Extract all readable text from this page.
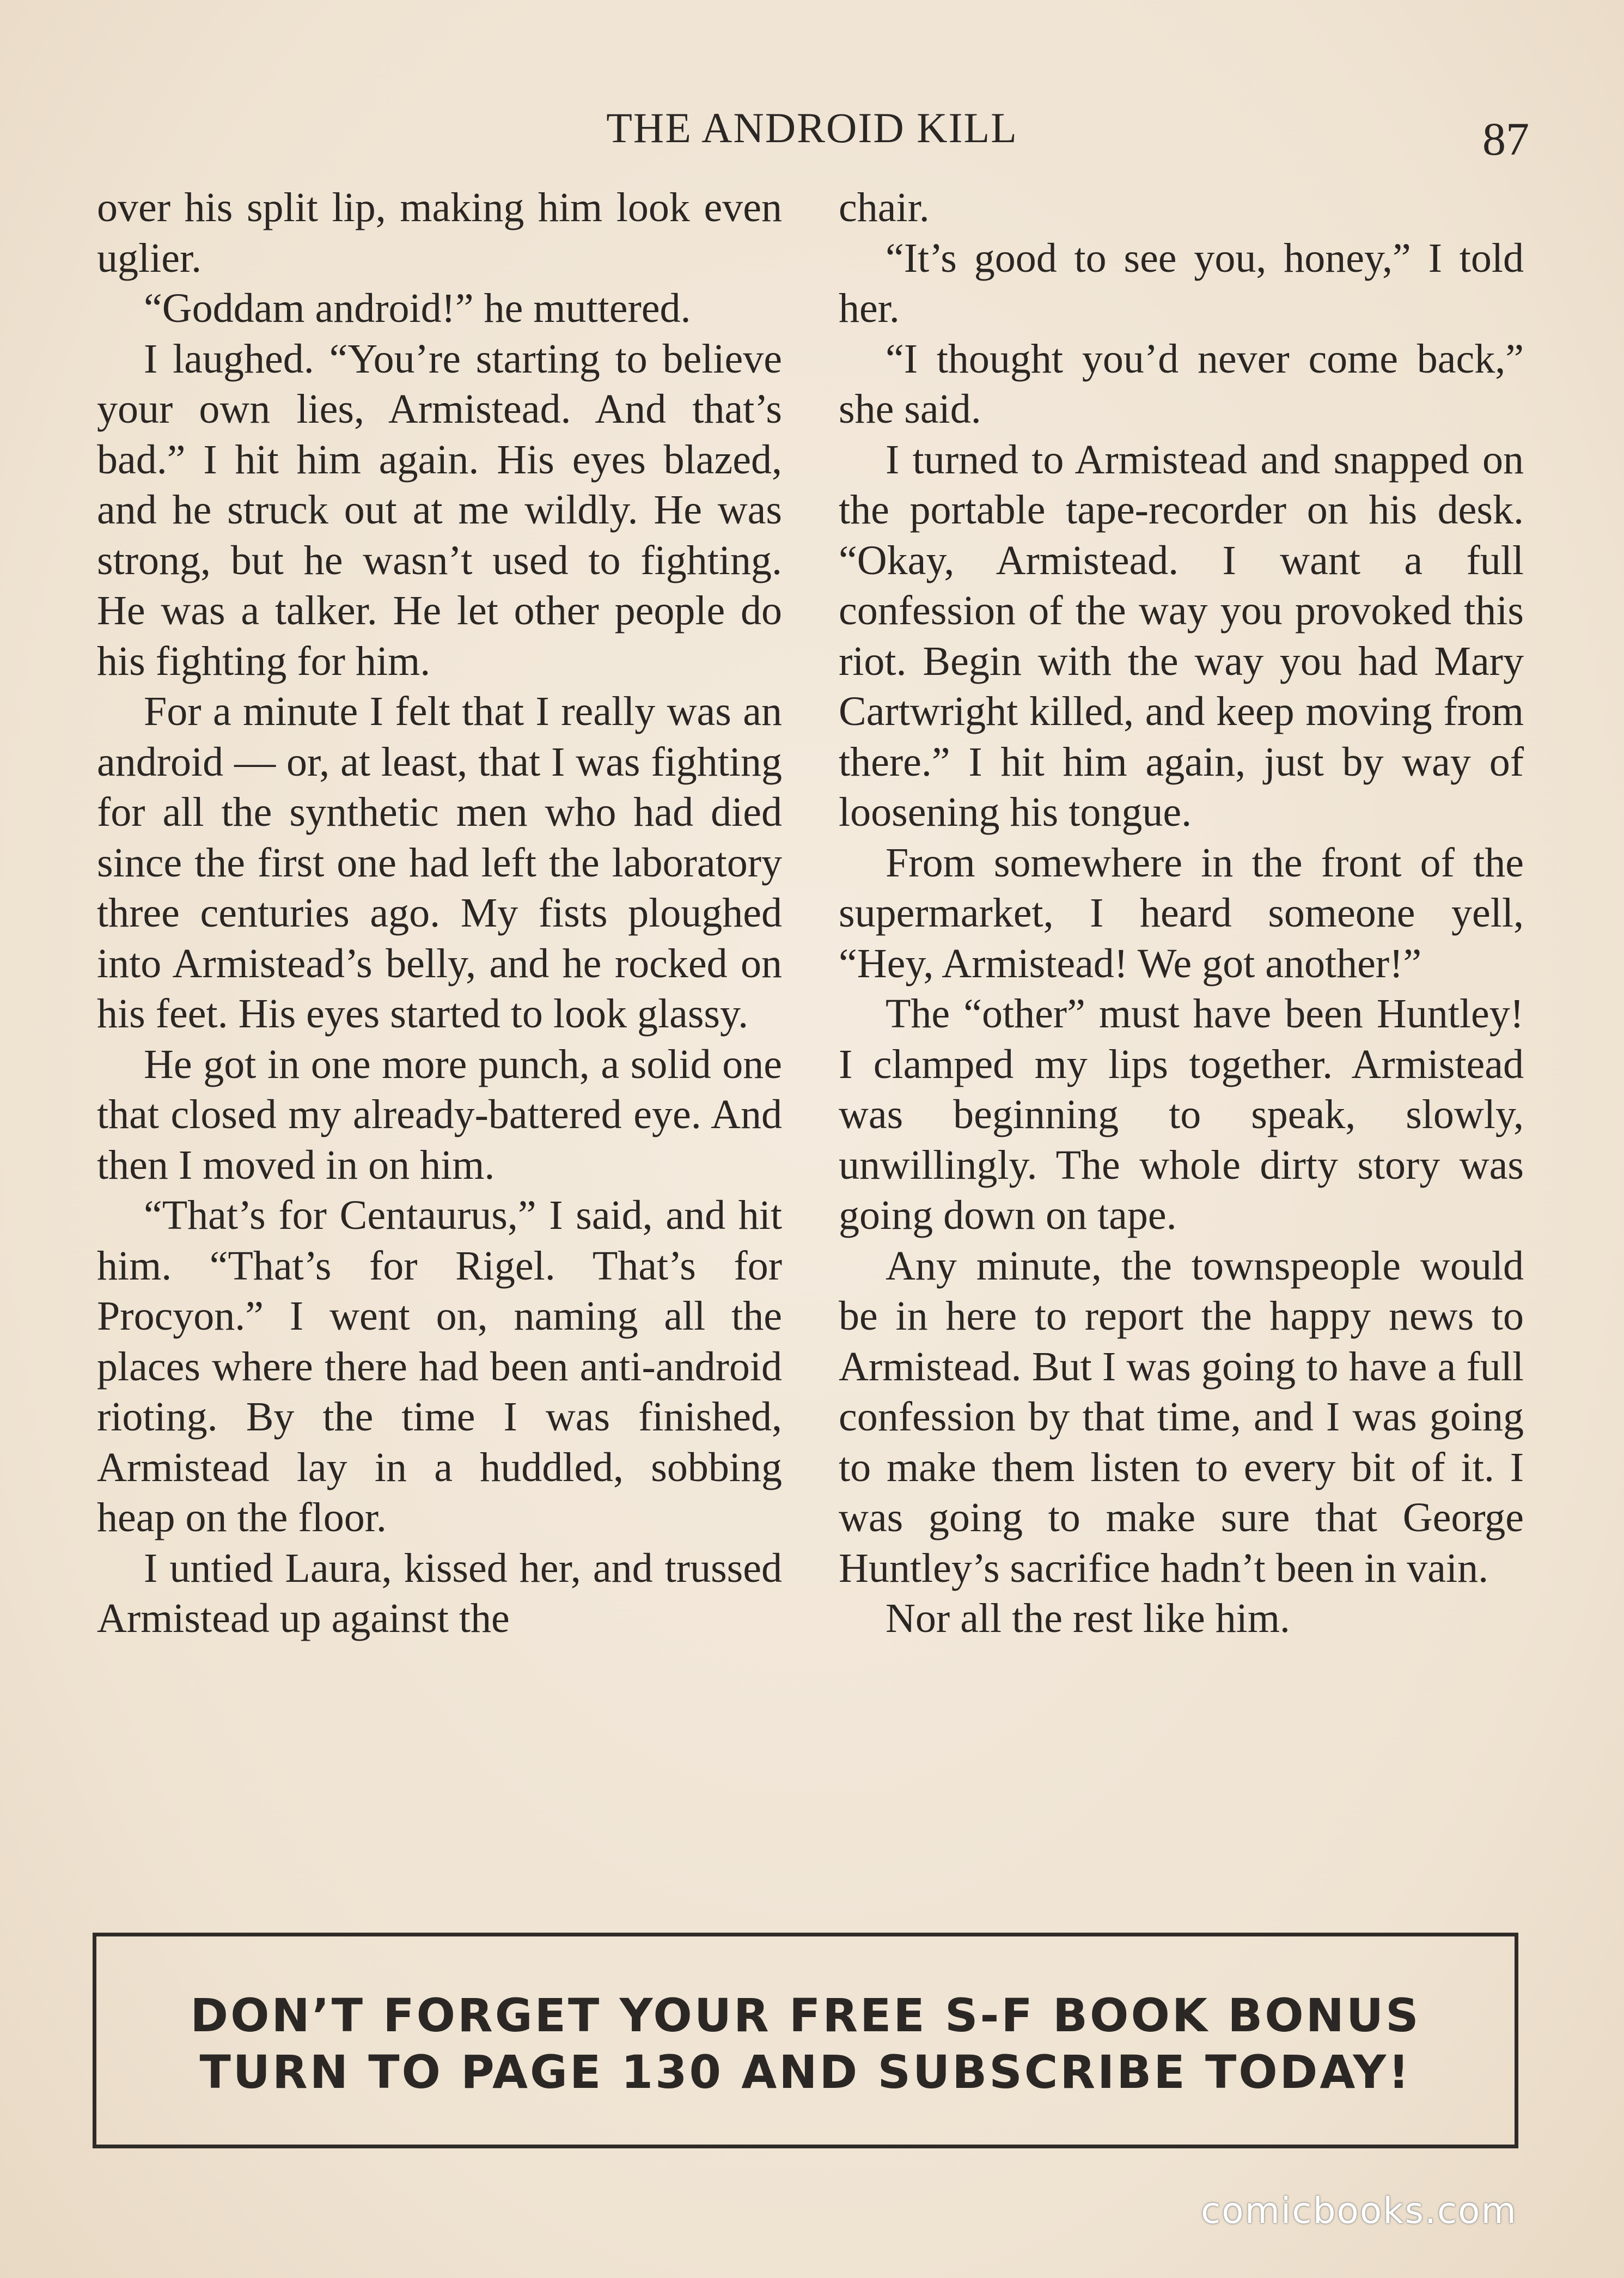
THE ANDROID KILL	87

over his split lip, making him look even uglier.

“Goddam android!” he muttered.

I laughed. “You’re starting to believe your own lies, Armistead. And that’s bad.” I hit him again. His eyes blazed, and he struck out at me wildly. He was strong, but he wasn’t used to fighting. He was a talker. He let other people do his fighting for him.

For a minute I felt that I really was an android — or, at least, that I was fighting for all the synthetic men who had died since the first one had left the laboratory three centuries ago. My fists ploughed into Armistead’s belly, and he rocked on his feet. His eyes started to look glassy.

He got in one more punch, a solid one that closed my already-battered eye. And then I moved in on him.

“That’s for Centaurus,” I said, and hit him. “That’s for Rigel. That’s for Procyon.” I went on, naming all the places where there had been anti-android rioting. By the time I was finished, Armistead lay in a huddled, sobbing heap on the floor.

I untied Laura, kissed her, and trussed Armistead up against the

chair.

“It’s good to see you, honey,” I told her.

“I thought you’d never come back,” she said.

I turned to Armistead and snapped on the portable tape-recorder on his desk. “Okay, Armistead. I want a full confession of the way you provoked this riot. Begin with the way you had Mary Cartwright killed, and keep moving from there.” I hit him again, just by way of loosening his tongue.

From somewhere in the front of the supermarket, I heard someone yell, “Hey, Armistead! We got another!”

The “other” must have been Huntley! I clamped my lips together. Armistead was beginning to speak, slowly, unwillingly. The whole dirty story was going down on tape.

Any minute, the townspeople would be in here to report the happy news to Armistead. But I was going to have a full confession by that time, and I was going to make them listen to every bit of it. I was going to make sure that George Huntley’s sacrifice hadn’t been in vain.

Nor all the rest like him.

DON’T FORGET YOUR FREE S-F BOOK BONUS
TURN TO PAGE 130 AND SUBSCRIBE TODAY!
comicbooks.com
